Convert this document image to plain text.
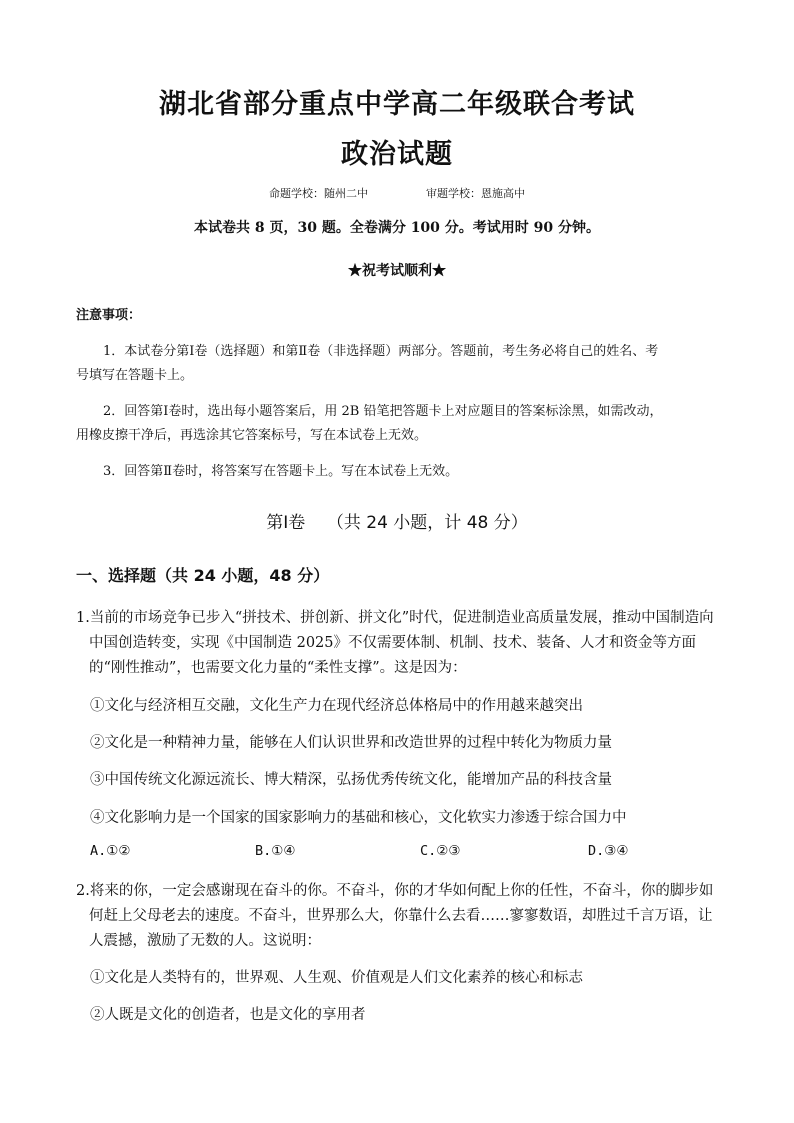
湖北省部分重点中学高二年级联合考试
政治试题
命题学校：随州二中	审题学校：恩施高中
本试卷共 8 页，30 题。全卷满分 100 分。考试用时 90 分钟。
★祝考试顺利★
注意事项：
1．本试卷分第Ⅰ卷（选择题）和第Ⅱ卷（非选择题）两部分。答题前，考生务必将自己的姓名、考
号填写在答题卡上。
2．回答第Ⅰ卷时，选出每小题答案后，用 2B 铅笔把答题卡上对应题目的答案标涂黑，如需改动，
用橡皮擦干净后，再选涂其它答案标号，写在本试卷上无效。
3．回答第Ⅱ卷时，将答案写在答题卡上。写在本试卷上无效。
第Ⅰ卷    （共 24 小题，计 48 分）
一、选择题（共 24 小题，48 分）
1.当前的市场竞争已步入“拼技术、拼创新、拼文化”时代，促进制造业高质量发展，推动中国制造向中国创造转变，实现《中国制造 2025》不仅需要体制、机制、技术、装备、人才和资金等方面的“刚性推动”，也需要文化力量的“柔性支撑”。这是因为：
①文化与经济相互交融，文化生产力在现代经济总体格局中的作用越来越突出
②文化是一种精神力量，能够在人们认识世界和改造世界的过程中转化为物质力量
③中国传统文化源远流长、博大精深，弘扬优秀传统文化，能增加产品的科技含量
④文化影响力是一个国家的国家影响力的基础和核心，文化软实力渗透于综合国力中
A.①②	B.①④	C.②③	D.③④
2.将来的你，一定会感谢现在奋斗的你。不奋斗，你的才华如何配上你的任性，不奋斗，你的脚步如何赶上父母老去的速度。不奋斗，世界那么大，你靠什么去看……寥寥数语，却胜过千言万语，让人震撼，激励了无数的人。这说明：
①文化是人类特有的，世界观、人生观、价值观是人们文化素养的核心和标志
②人既是文化的创造者，也是文化的享用者
